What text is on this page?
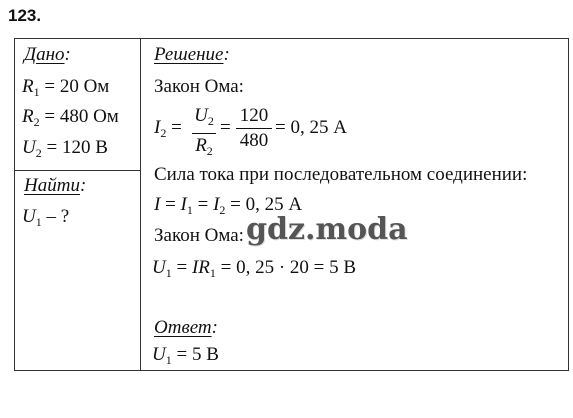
123.
Дано:
$R_1 = 20$ Ом
$R_2 = 480$ Ом
$U_2 = 120$ В
Найти:
$U_1$ – ?
Решение:
Закон Ома:
$I_2$ =
$U_2$
$R_2$
=
120
480
= 0, 25 А
Сила тока при последовательном соединении:
$I = I_1 = I_2 = 0$, 25 А
Закон Ома:
$U_1 = IR_1 = 0$, 25 · 20 = 5 В
Ответ:
$U_1 = 5$ В
gdz.moda
